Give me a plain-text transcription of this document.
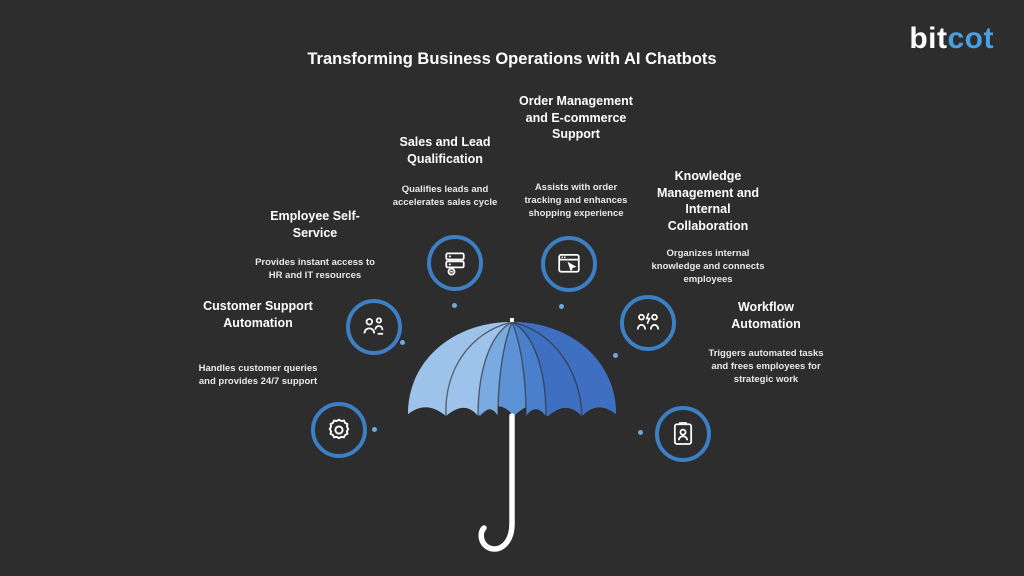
bitcot
Transforming Business Operations with AI Chatbots
Customer Support Automation
Handles customer queries and provides 24/7 support
Employee Self-Service
Provides instant access to HR and IT resources
Sales and Lead Qualification
Qualifies leads and accelerates sales cycle
Order Management and E-commerce Support
Assists with order tracking and enhances shopping experience
Knowledge Management and Internal Collaboration
Organizes internal knowledge and connects employees
Workflow Automation
Triggers automated tasks and frees employees for strategic work
